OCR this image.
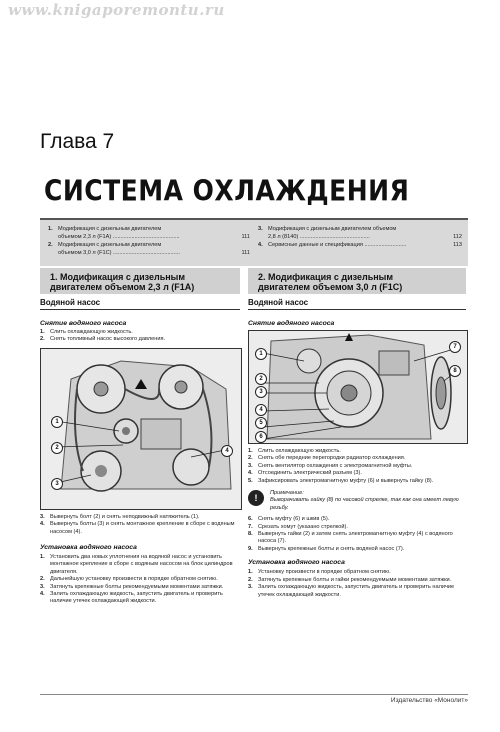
www.knigaporemontu.ru
Глава 7
СИСТЕМА ОХЛАЖДЕНИЯ
1. Модификация с дизельным двигателем
объемом 2,3 л (F1A) ...........................................	111
2. Модификация с дизельным двигателем
объемом 3,0 л (F1C) ...........................................	111
3. Модификация с дизельным двигателем объемом
2,8 л (8140) .............................................	112
4. Сервисные данные и спецификация ...........................	113
1. Модификация с дизельным
двигателем объемом 2,3 л (F1A)
Водяной насос
Снятие водяного насоса
1. Слить охлаждающую жидкость.
2. Снять топливный насос высокого давления.
1
2
3
4
3. Вывернуть болт (2) и снять неподвижный натяжитель (1).
4. Вывернуть болты (3) и снять монтажное крепление в сборе с водяным насосом (4).
Установка водяного насоса
1. Установить два новых уплотнения на водяной насос и установить монтажное крепление в сборе с водяным насосом на блок цилиндров двигателя.
2. Дальнейшую установку произвести в порядке обратном снятию.
3. Затянуть крепежные болты рекомендуемыми моментами затяжки.
4. Залить охлаждающую жидкость, запустить двигатель и проверить наличие утечек охлаждающей жидкости.
2. Модификация с дизельным
двигателем объемом 3,0 л (F1C)
Водяной насос
Снятие водяного насоса
1
2
3
4
5
6
7
8
1. Слить охлаждающую жидкость.
2. Снять обе передние перегородки радиатор охлаждения.
3. Снять вентилятор охлаждения с электромагнитной муфты.
4. Отсоединить электрический разъем (3).
5. Зафиксировать электромагнитную муфту (6) и вывернуть гайку (8).
!	Примечание:
Выворачивать гайку (8) по часовой стрелке, так как она имеет левую резьбу.
6. Снять муфту (6) и шкив (5).
7. Срезать хомут (указано стрелкой).
8. Вывернуть гайки (2) и затем снять электромагнитную муфту (4) с водяного насоса (7).
9. Вывернуть крепежные болты и снять водяной насос (7).
Установка водяного насоса
1. Установку произвести в порядке обратном снятию.
2. Затянуть крепежные болты и гайки рекомендуемыми моментами затяжки.
3. Залить охлаждающую жидкость, запустить двигатель и проверить наличие утечек охлаждающей жидкости.
Издательство «Монолит»
